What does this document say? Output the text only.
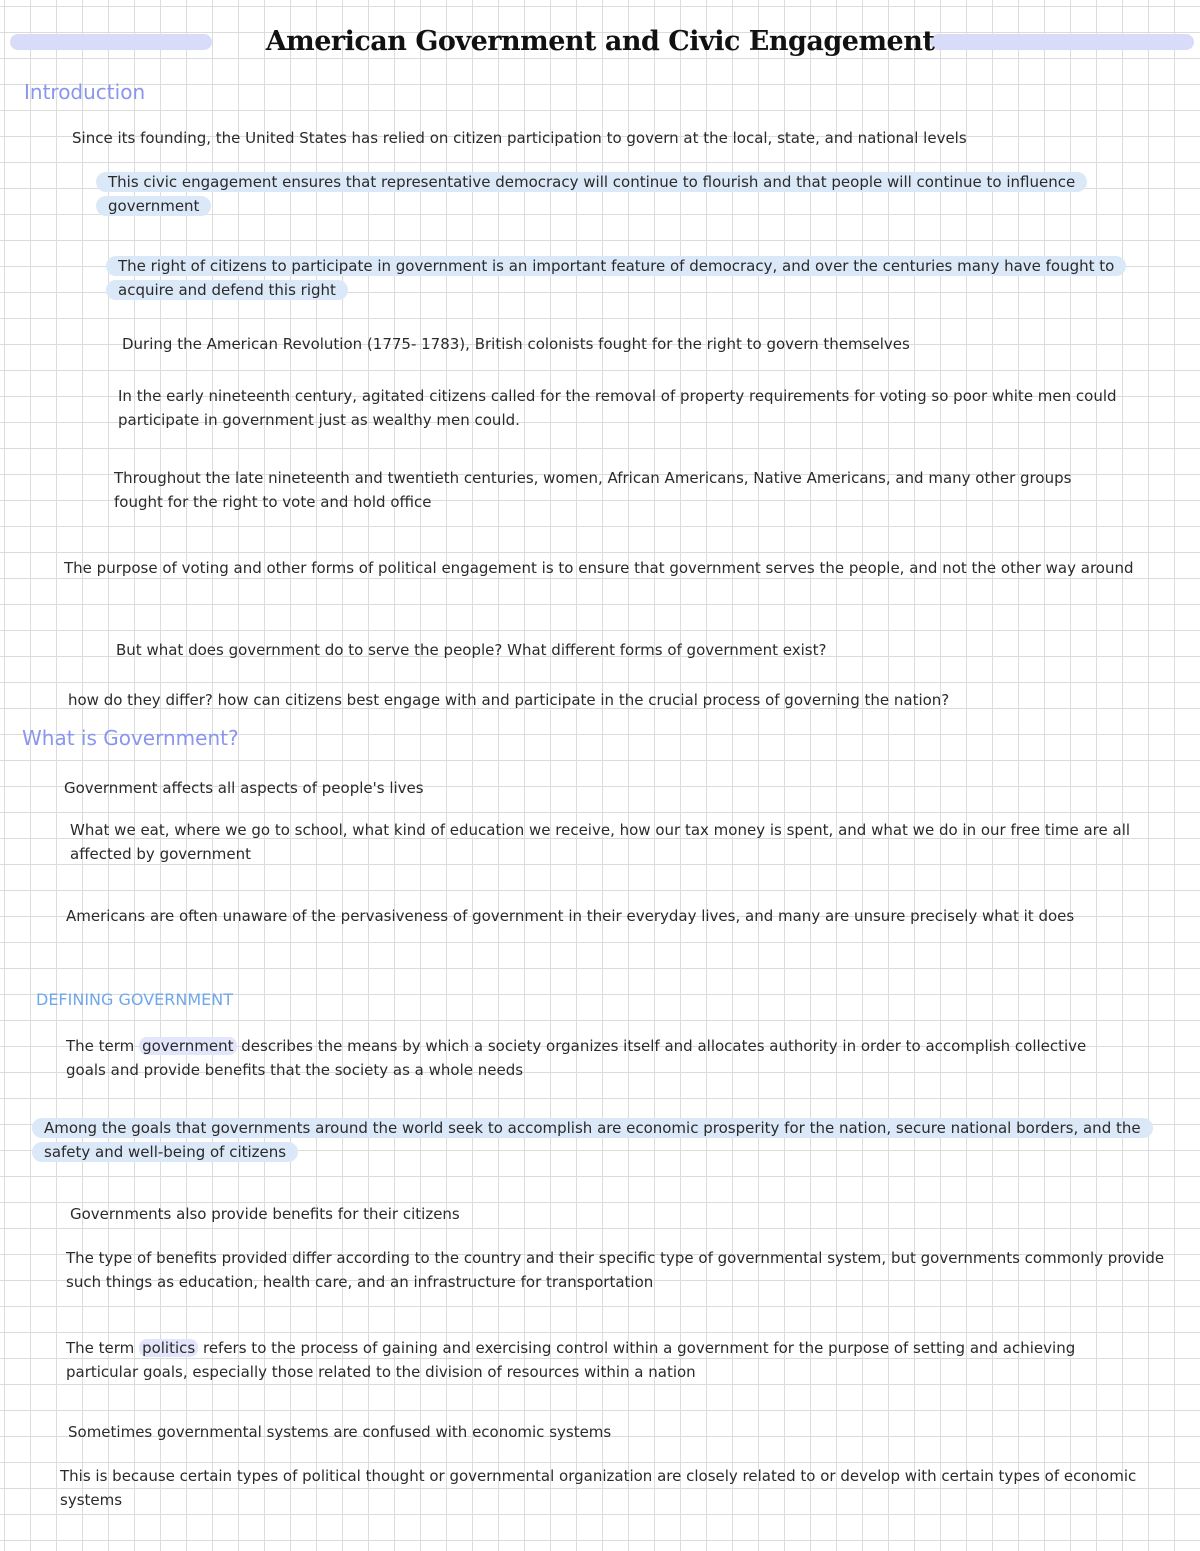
American Government and Civic Engagement
Introduction

Since its founding, the United States has relied on citizen participation to govern at the local, state, and national levels

This civic engagement ensures that representative democracy will continue to flourish and that people will continue to influence government

The right of citizens to participate in government is an important feature of democracy, and over the centuries many have fought to acquire and defend this right

During the American Revolution (1775- 1783), British colonists fought for the right to govern themselves

In the early nineteenth century, agitated citizens called for the removal of property requirements for voting so poor white men could participate in government just as wealthy men could.

Throughout the late nineteenth and twentieth centuries, women, African Americans, Native Americans, and many other groups fought for the right to vote and hold office

The purpose of voting and other forms of political engagement is to ensure that government serves the people, and not the other way around

But what does government do to serve the people? What different forms of government exist?

how do they differ? how can citizens best engage with and participate in the crucial process of governing the nation?

What is Government?

Government affects all aspects of people's lives

What we eat, where we go to school, what kind of education we receive, how our tax money is spent, and what we do in our free time are all affected by government

Americans are often unaware of the pervasiveness of government in their everyday lives, and many are unsure precisely what it does

DEFINING GOVERNMENT

The term government describes the means by which a society organizes itself and allocates authority in order to accomplish collective goals and provide benefits that the society as a whole needs

Among the goals that governments around the world seek to accomplish are economic prosperity for the nation, secure national borders, and the safety and well-being of citizens

Governments also provide benefits for their citizens

The type of benefits provided differ according to the country and their specific type of governmental system, but governments commonly provide such things as education, health care, and an infrastructure for transportation

The term politics refers to the process of gaining and exercising control within a government for the purpose of setting and achieving particular goals, especially those related to the division of resources within a nation

Sometimes governmental systems are confused with economic systems

This is because certain types of political thought or governmental organization are closely related to or develop with certain types of economic systems
